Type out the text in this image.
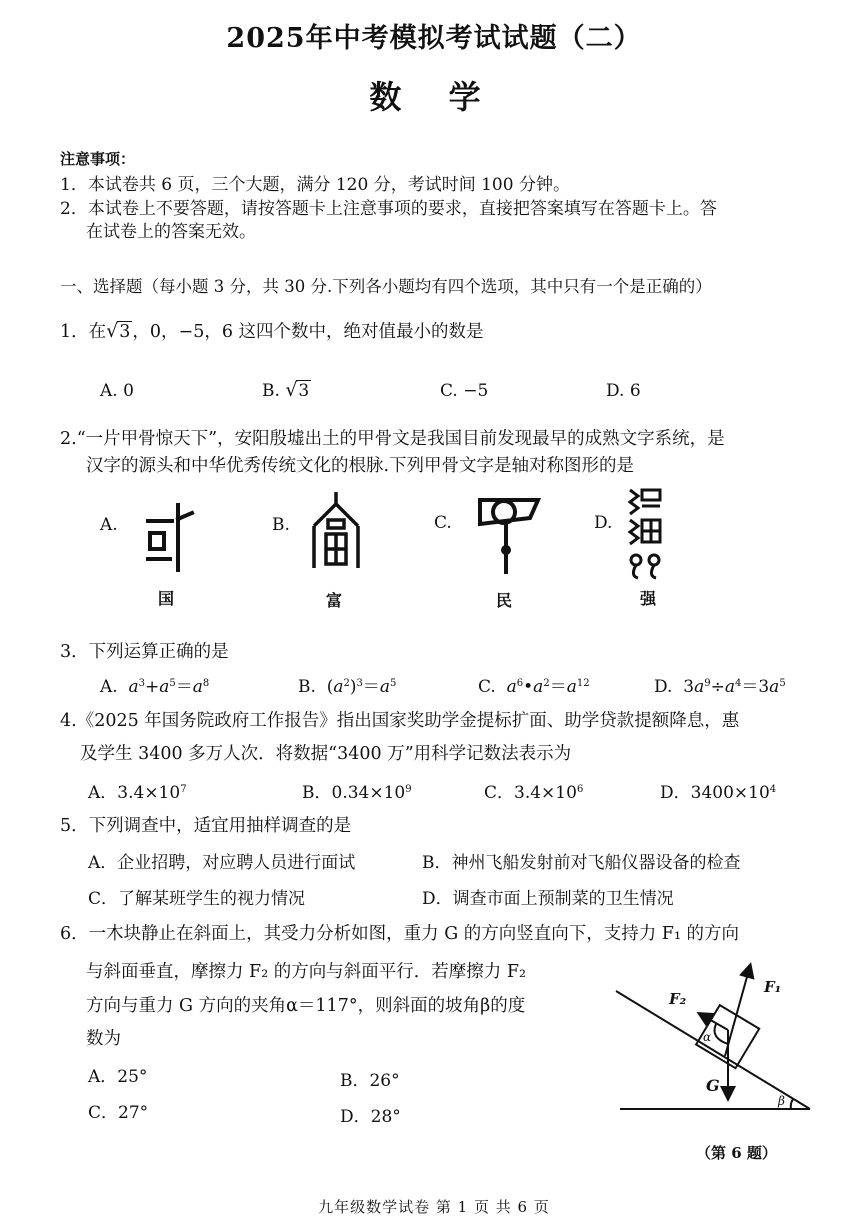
2025年中考模拟考试试题（二）
数 学
注意事项：
1．本试卷共 6 页，三个大题，满分 120 分，考试时间 100 分钟。
2．本试卷上不要答题，请按答题卡上注意事项的要求，直接把答案填写在答题卡上。答
在试卷上的答案无效。
一、选择题（每小题 3 分，共 30 分.下列各小题均有四个选项，其中只有一个是正确的）
1．在√3 ，0，−5，6 这四个数中，绝对值最小的数是
A. 0	B. √3	C. −5	D. 6
2.“一片甲骨惊天下”，安阳殷墟出土的甲骨文是我国目前发现最早的成熟文字系统，是
汉字的源头和中华优秀传统文化的根脉.下列甲骨文字是轴对称图形的是
A.	B.	C.	D.
国	富	民	强
3．下列运算正确的是
A. $a^3+a^5=a^8$	B.  $(a^2)^3=a^5$	C. $a^6•a^2=a^{12}$	D.  $3a^9\div a^4=3a^5$
4.《2025 年国务院政府工作报告》指出国家奖助学金提标扩面、助学贷款提额降息，惠
及学生 3400 多万人次．将数据“3400 万”用科学记数法表示为
A．$3.4\times 10^7$	B．$0.34\times 10^9$	C．$3.4\times 10^6$	D．$3400\times 10^4$
5．下列调查中，适宜用抽样调查的是
A．企业招聘，对应聘人员进行面试	B．神州飞船发射前对飞船仪器设备的检查
C．了解某班学生的视力情况	D．调查市面上预制菜的卫生情况
6．一木块静止在斜面上，其受力分析如图，重力 G 的方向竖直向下，支持力 F₁ 的方向
与斜面垂直，摩擦力 F₂ 的方向与斜面平行．若摩擦力 F₂
方向与重力 G 方向的夹角α＝117°，则斜面的坡角β的度
数为
A．25°	B．26°
C．27°	D．28°
F₁
F₂
G
α
β
（第 6 题）
九年级数学试卷 第 1 页 共 6 页
